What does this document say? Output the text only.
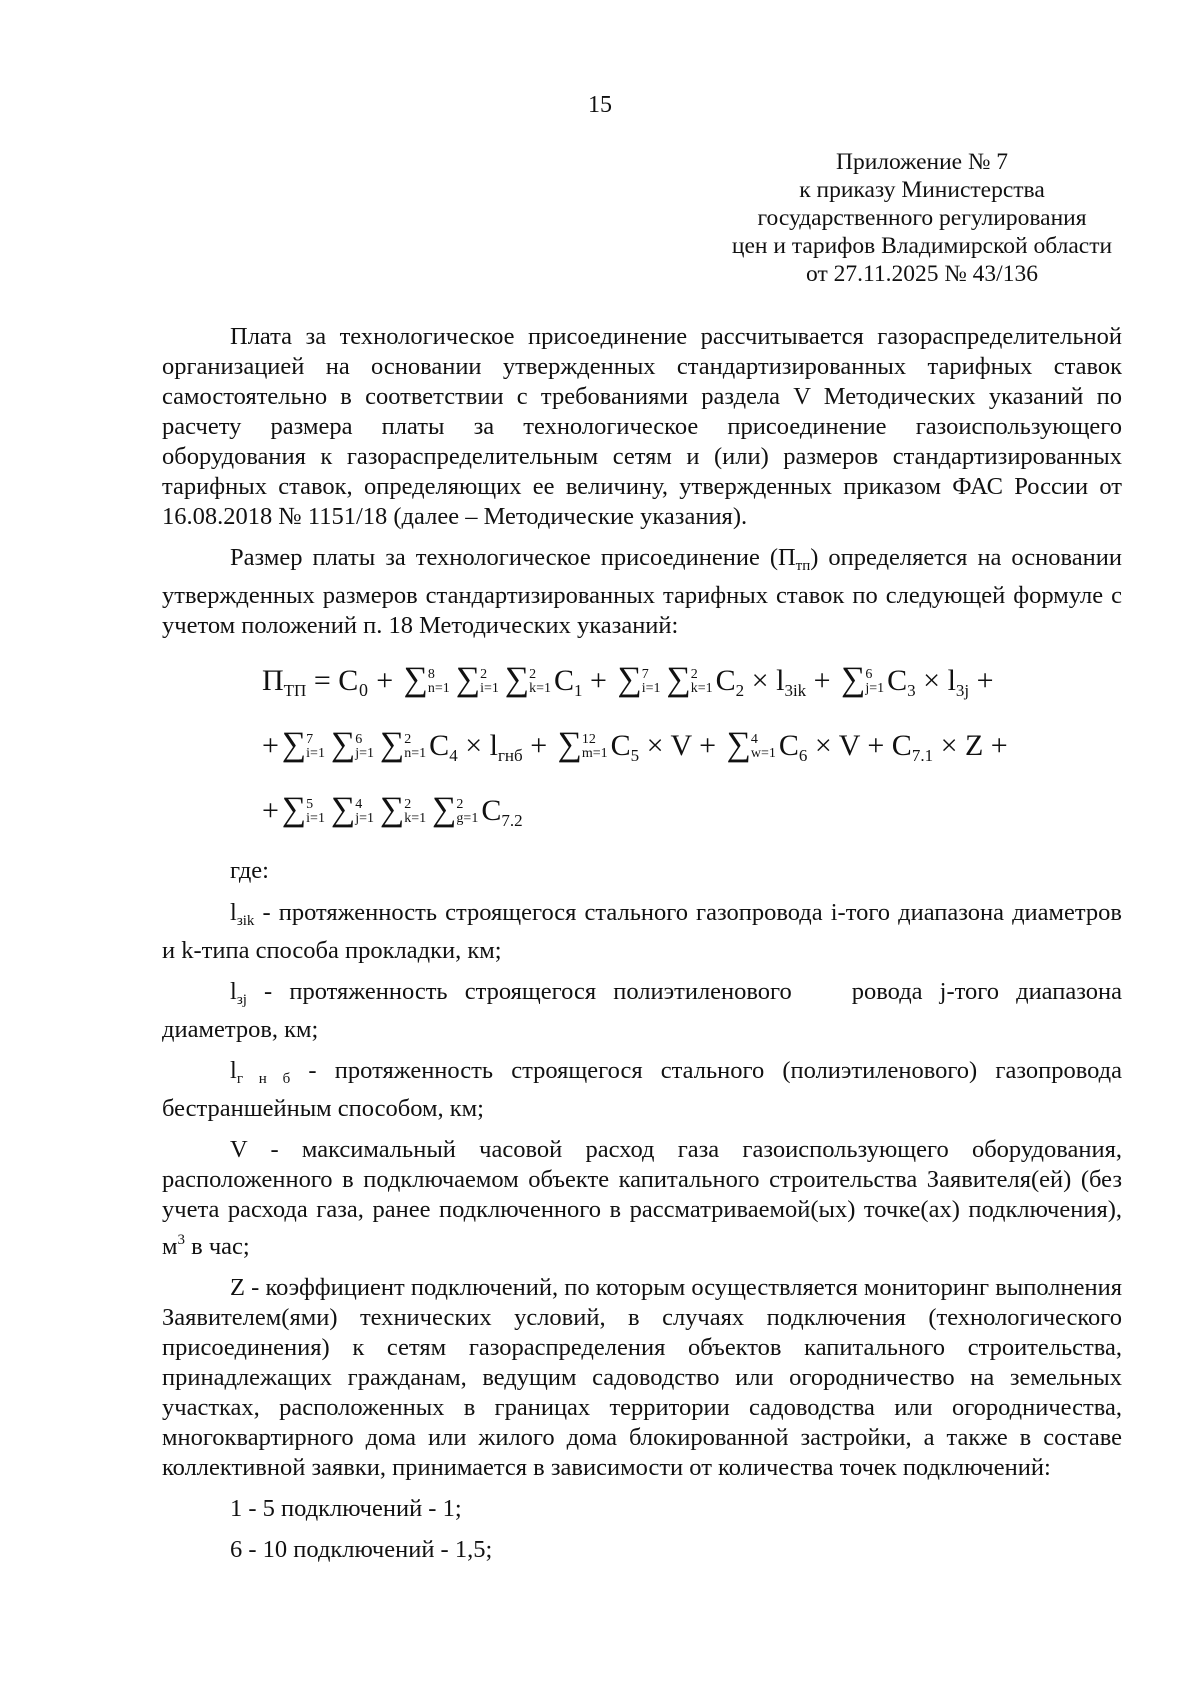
15
Приложение № 7
к приказу Министерства
государственного регулирования
цен и тарифов Владимирской области
от 27.11.2025 № 43/136

Плата за технологическое присоединение рассчитывается газораспределительной организацией на основании утвержденных стандартизированных тарифных ставок самостоятельно в соответствии с требованиями раздела V Методических указаний по расчету размера платы за технологическое присоединение газоиспользующего оборудования к газораспределительным сетям и (или) размеров стандартизированных тарифных ставок, определяющих ее величину, утвержденных приказом ФАС России от 16.08.2018 № 1151/18 (далее – Методические указания).

Размер платы за технологическое присоединение $(П_{тп})$ определяется на основании утвержденных размеров стандартизированных тарифных ставок по следующей формуле с учетом положений п. 18 Методических указаний:

$П_{ТП} = C_0$ + ∑ 8
n=1 ∑ 2
i=1 ∑ 2
k=1 $C_1$ + ∑ 7
i=1 ∑ 2
k=1 $C_2 \times l_{3ik}$ + ∑ 6
j=1 $C_3 \times l_{3j}$ +
+∑ 7
i=1 ∑ 6
j=1 ∑ 2
n=1 $C_4 \times l_{гнб}$ + ∑ 12
m=1 $C_5 \times V$ + ∑ 4
w=1 $C_6 \times V + C_{7.1} \times Z$ +
+∑ 5
i=1 ∑ 4
j=1 ∑ 2
k=1 ∑ 2
g=1 $C_{7.2}$

где:

$l_{зik}$ - протяженность строящегося стального газопровода i-того диапазона диаметров и k-типа способа прокладки, км;

$l_{зj}$ - протяженность строящегося полиэтиленового ровода j-того диапазона диаметров, км;

$l_{г н б}$ - протяженность строящегося стального (полиэтиленового) газопровода бестраншейным способом, км;

V - максимальный часовой расход газа газоиспользующего оборудования, расположенного в подключаемом объекте капитального строительства Заявителя(ей) (без учета расхода газа, ранее подключенного в рассматриваемой(ых) точке(ах) подключения), $м^3$ в час;

Z - коэффициент подключений, по которым осуществляется мониторинг выполнения Заявителем(ями) технических условий, в случаях подключения (технологического присоединения) к сетям газораспределения объектов капитального строительства, принадлежащих гражданам, ведущим садоводство или огородничество на земельных участках, расположенных в границах территории садоводства или огородничества, многоквартирного дома или жилого дома блокированной застройки, а также в составе коллективной заявки, принимается в зависимости от количества точек подключений:

1 - 5 подключений - 1;

6 - 10 подключений - 1,5;
